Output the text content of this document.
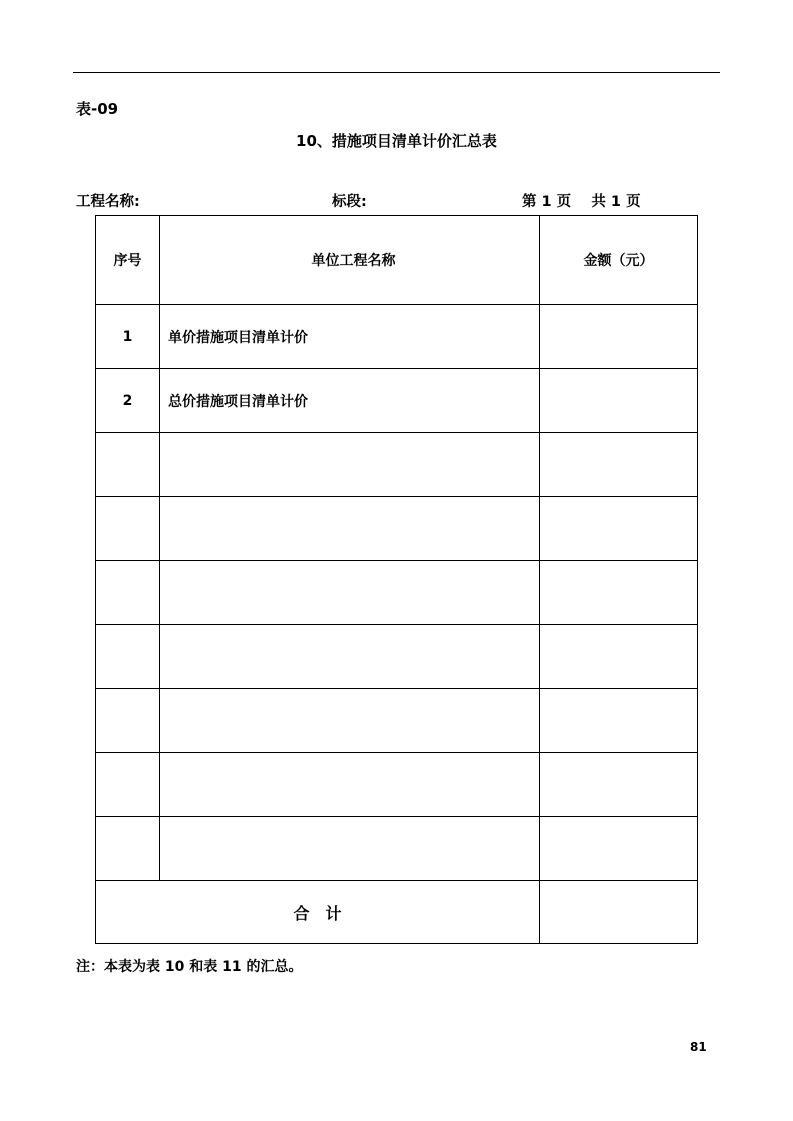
表-09
10、措施项目清单计价汇总表
工程名称:	标段:	第 1 页    共 1 页
序号	单位工程名称	金额（元）
1	单价措施项目清单计价	
2	总价措施项目清单计价	

合　计		
注：本表为表 10 和表 11 的汇总。
81
